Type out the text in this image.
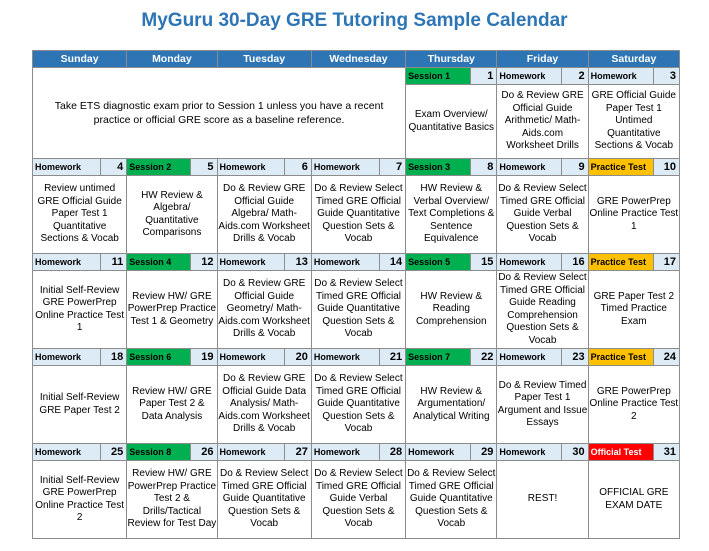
MyGuru 30-Day GRE Tutoring Sample Calendar
Sunday		Monday		Tuesday		Wednesday		Thursday		Friday		Saturday	
Take ETS diagnostic exam prior to Session 1 unless you have a recent practice or official GRE score as a baseline reference.								Session 1	1	Homework	2	Homework	3
								Exam Overview/ Quantitative Basics		Do & Review GRE Official Guide Arithmetic/ Math-Aids.com Worksheet Drills		GRE Official Guide Paper Test 1 Untimed Quantitative Sections & Vocab	
Homework	4	Session 2	5	Homework	6	Homework	7	Session 3	8	Homework	9	Practice Test	10
Review untimed GRE Official Guide Paper Test 1 Quantitative Sections & Vocab		HW Review & Algebra/ Quantitative Comparisons		Do & Review GRE Official Guide Algebra/ Math-Aids.com Worksheet Drills & Vocab		Do & Review Select Timed GRE Official Guide Quantitative Question Sets & Vocab		HW Review & Verbal Overview/ Text Completions & Sentence Equivalence		Do & Review Select Timed GRE Official Guide Verbal Question Sets & Vocab		GRE PowerPrep Online Practice Test 1	
Homework	11	Session 4	12	Homework	13	Homework	14	Session 5	15	Homework	16	Practice Test	17
Initial Self-Review GRE PowerPrep Online Practice Test 1		Review HW/ GRE PowerPrep Practice Test 1 & Geometry		Do & Review GRE Official Guide Geometry/ Math-Aids.com Worksheet Drills & Vocab		Do & Review Select Timed GRE Official Guide Quantitative Question Sets & Vocab		HW Review & Reading Comprehension		Do & Review Select Timed GRE Official Guide Reading Comprehension Question Sets & Vocab		GRE Paper Test 2 Timed Practice Exam	
Homework	18	Session 6	19	Homework	20	Homework	21	Session 7	22	Homework	23	Practice Test	24
Initial Self-Review GRE Paper Test 2		Review HW/ GRE Paper Test 2 & Data Analysis		Do & Review GRE Official Guide Data Analysis/ Math-Aids.com Worksheet Drills & Vocab		Do & Review Select Timed GRE Official Guide Quantitative Question Sets & Vocab		HW Review & Argumentation/ Analytical Writing		Do & Review Timed Paper Test 1 Argument and Issue Essays		GRE PowerPrep Online Practice Test 2	
Homework	25	Session 8	26	Homework	27	Homework	28	Homework	29	Homework	30	Official Test	31
Initial Self-Review GRE PowerPrep Online Practice Test 2		Review HW/ GRE PowerPrep Practice Test 2 & Drills/Tactical Review for Test Day		Do & Review Select Timed GRE Official Guide Quantitative Question Sets & Vocab		Do & Review Select Timed GRE Official Guide Verbal Question Sets & Vocab		Do & Review Select Timed GRE Official Guide Quantitative Question Sets & Vocab		REST!		OFFICIAL GRE EXAM DATE	
